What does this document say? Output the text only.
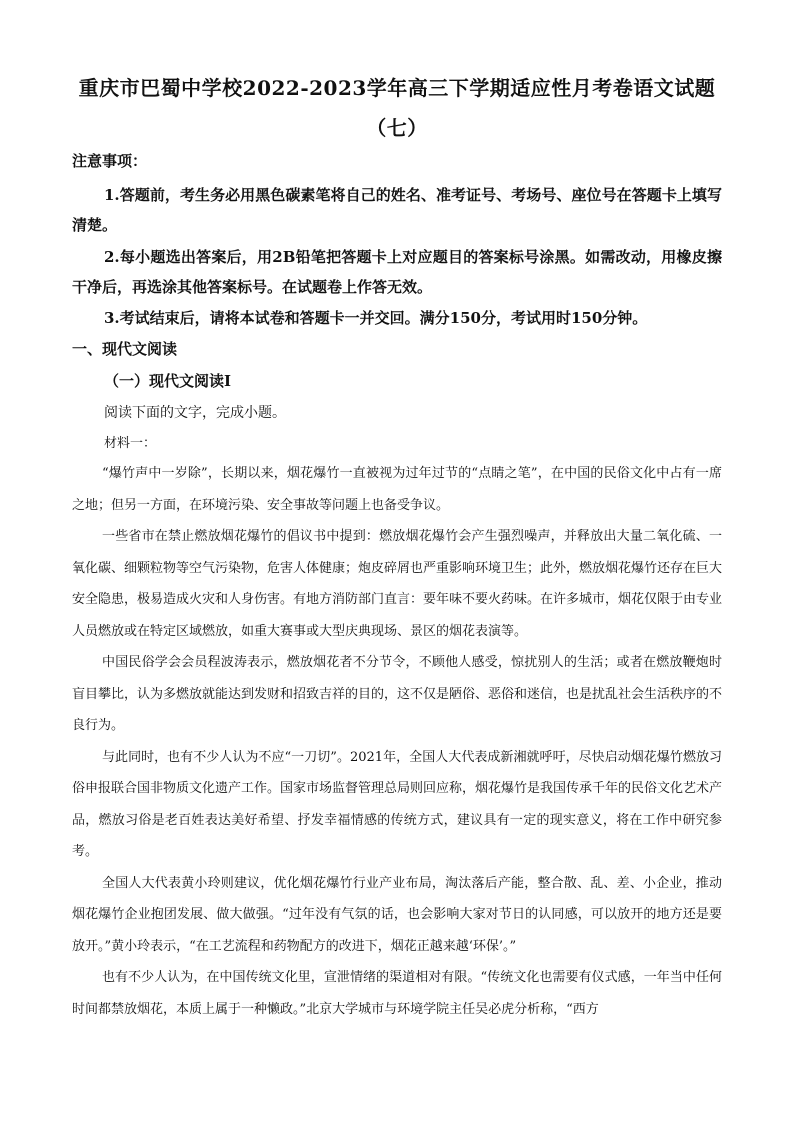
重庆市巴蜀中学校2022-2023学年高三下学期适应性月考卷语文试题
（七）
注意事项：
1.答题前，考生务必用黑色碳素笔将自己的姓名、准考证号、考场号、座位号在答题卡上填写清楚。
2.每小题选出答案后，用2B铅笔把答题卡上对应题目的答案标号涂黑。如需改动，用橡皮擦干净后，再选涂其他答案标号。在试题卷上作答无效。
3.考试结束后，请将本试卷和答题卡一并交回。满分150分，考试用时150分钟。
一、现代文阅读
（一）现代文阅读Ⅰ
阅读下面的文字，完成小题。
材料一：

“爆竹声中一岁除”，长期以来，烟花爆竹一直被视为过年过节的“点睛之笔”，在中国的民俗文化中占有一席之地；但另一方面，在环境污染、安全事故等问题上也备受争议。

一些省市在禁止燃放烟花爆竹的倡议书中提到：燃放烟花爆竹会产生强烈噪声，并释放出大量二氧化硫、一氧化碳、细颗粒物等空气污染物，危害人体健康；炮皮碎屑也严重影响环境卫生；此外，燃放烟花爆竹还存在巨大安全隐患，极易造成火灾和人身伤害。有地方消防部门直言：要年味不要火药味。在许多城市，烟花仅限于由专业人员燃放或在特定区域燃放，如重大赛事或大型庆典现场、景区的烟花表演等。

中国民俗学会会员程波涛表示，燃放烟花者不分节令，不顾他人感受，惊扰别人的生活；或者在燃放鞭炮时盲目攀比，认为多燃放就能达到发财和招致吉祥的目的，这不仅是陋俗、恶俗和迷信，也是扰乱社会生活秩序的不良行为。

与此同时，也有不少人认为不应“一刀切”。2021年，全国人大代表成新湘就呼吁，尽快启动烟花爆竹燃放习俗申报联合国非物质文化遗产工作。国家市场监督管理总局则回应称，烟花爆竹是我国传承千年的民俗文化艺术产品，燃放习俗是老百姓表达美好希望、抒发幸福情感的传统方式，建议具有一定的现实意义，将在工作中研究参考。

全国人大代表黄小玲则建议，优化烟花爆竹行业产业布局，淘汰落后产能，整合散、乱、差、小企业，推动烟花爆竹企业抱团发展、做大做强。“过年没有气氛的话，也会影响大家对节日的认同感，可以放开的地方还是要放开。”黄小玲表示，“在工艺流程和药物配方的改进下，烟花正越来越‘环保’。”

也有不少人认为，在中国传统文化里，宣泄情绪的渠道相对有限。“传统文化也需要有仪式感，一年当中任何时间都禁放烟花，本质上属于一种懒政。”北京大学城市与环境学院主任吴必虎分析称，“西方
